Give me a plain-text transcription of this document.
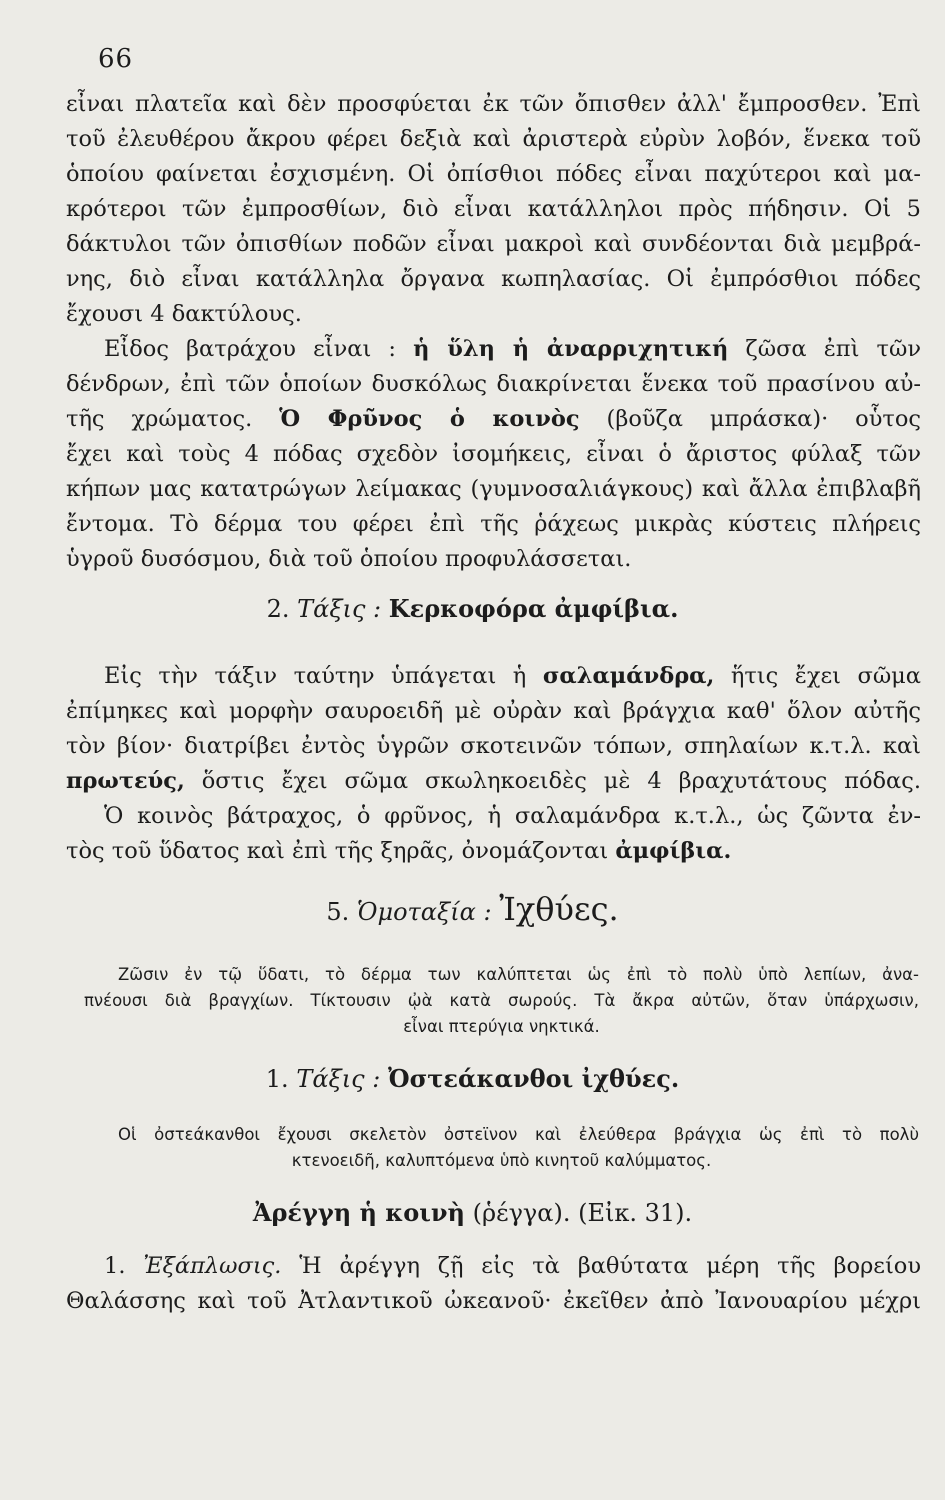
66
εἶναι πλατεῖα καὶ δὲν προσφύεται ἐκ τῶν ὄπισθεν ἀλλ' ἔμπροσθεν. Ἐπὶ
τοῦ ἐλευθέρου ἄκρου φέρει δεξιὰ καὶ ἀριστερὰ εὐρὺν λοβόν, ἕνεκα τοῦ
ὁποίου φαίνεται ἐσχισμένη. Οἱ ὀπίσθιοι πόδες εἶναι παχύτεροι καὶ μα-
κρότεροι τῶν ἐμπροσθίων, διὸ εἶναι κατάλληλοι πρὸς πήδησιν. Οἱ 5
δάκτυλοι τῶν ὀπισθίων ποδῶν εἶναι μακροὶ καὶ συνδέονται διὰ μεμβρά-
νης, διὸ εἶναι κατάλληλα ὄργανα κωπηλασίας. Οἱ ἐμπρόσθιοι πόδες
ἔχουσι 4 δακτύλους.
Εἶδος βατράχου εἶναι : ἡ ὕλη ἡ ἀναρριχητική ζῶσα ἐπὶ τῶν
δένδρων, ἐπὶ τῶν ὁποίων δυσκόλως διακρίνεται ἕνεκα τοῦ πρασίνου αὐ-
τῆς χρώματος. Ὁ Φρῦνος ὁ κοινὸς (βοῦζα μπράσκα)· οὗτος
ἔχει καὶ τοὺς 4 πόδας σχεδὸν ἰσομήκεις, εἶναι ὁ ἄριστος φύλαξ τῶν
κήπων μας κατατρώγων λείμακας (γυμνοσαλιάγκους) καὶ ἄλλα ἐπιβλαβῆ
ἔντομα. Τὸ δέρμα του φέρει ἐπὶ τῆς ῥάχεως μικρὰς κύστεις πλήρεις
ὑγροῦ δυσόσμου, διὰ τοῦ ὁποίου προφυλάσσεται.
2. Τάξις : Κερκοφόρα ἀμφίβια.
Εἰς τὴν τάξιν ταύτην ὑπάγεται ἡ σαλαμάνδρα, ἥτις ἔχει σῶμα
ἐπίμηκες καὶ μορφὴν σαυροειδῆ μὲ οὐρὰν καὶ βράγχια καθ' ὅλον αὐτῆς
τὸν βίον· διατρίβει ἐντὸς ὑγρῶν σκοτεινῶν τόπων, σπηλαίων κ.τ.λ. καὶ
πρωτεύς, ὅστις ἔχει σῶμα σκωληκοειδὲς μὲ 4 βραχυτάτους πόδας.
Ὁ κοινὸς βάτραχος, ὁ φρῦνος, ἡ σαλαμάνδρα κ.τ.λ., ὡς ζῶντα ἐν-
τὸς τοῦ ὕδατος καὶ ἐπὶ τῆς ξηρᾶς, ὀνομάζονται ἀμφίβια.
5. Ὁμοταξία : Ἰχθύες.
Ζῶσιν ἐν τῷ ὕδατι, τὸ δέρμα των καλύπτεται ὡς ἐπὶ τὸ πολὺ ὑπὸ λεπίων, ἀνα-
πνέουσι διὰ βραγχίων. Τίκτουσιν ᾠὰ κατὰ σωρούς. Τὰ ἄκρα αὐτῶν, ὅταν ὑπάρχωσιν,
εἶναι πτερύγια νηκτικά.
1. Τάξις : Ὀστεάκανθοι ἰχθύες.
Οἱ ὀστεάκανθοι ἔχουσι σκελετὸν ὀστεϊνον καὶ ἐλεύθερα βράγχια ὡς ἐπὶ τὸ πολὺ
κτενοειδῆ, καλυπτόμενα ὑπὸ κινητοῦ καλύμματος.
Ἀρέγγη ἡ κοινὴ (ῥέγγα). (Εἰκ. 31).
1. Ἐξάπλωσις. Ἡ ἀρέγγη ζῇ εἰς τὰ βαθύτατα μέρη τῆς βορείου
Θαλάσσης καὶ τοῦ Ἀτλαντικοῦ ὠκεανοῦ· ἐκεῖθεν ἀπὸ Ἰανουαρίου μέχρι
